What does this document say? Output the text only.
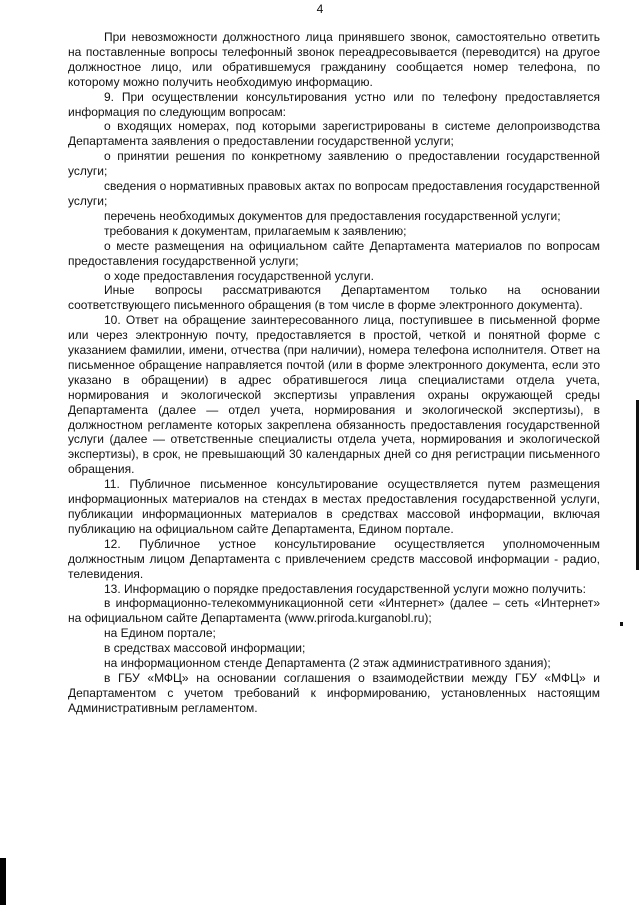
4

При невозможности должностного лица принявшего звонок, самостоятельно ответить на поставленные вопросы телефонный звонок переадресовывается (переводится) на другое должностное лицо, или обратившемуся гражданину сообщается номер телефона, по которому можно получить необходимую информацию.

9. При осуществлении консультирования устно или по телефону предоставляется информация по следующим вопросам:

о входящих номерах, под которыми зарегистрированы в системе делопроизводства Департамента заявления о предоставлении государственной услуги;

о принятии решения по конкретному заявлению о предоставлении государственной услуги;

сведения о нормативных правовых актах по вопросам предоставления государственной услуги;

перечень необходимых документов для предоставления государственной услуги;

требования к документам, прилагаемым к заявлению;

о месте размещения на официальном сайте Департамента материалов по вопросам предоставления государственной услуги;

о ходе предоставления государственной услуги.

Иные вопросы рассматриваются Департаментом только на основании соответствующего письменного обращения (в том числе в форме электронного документа).

10. Ответ на обращение заинтересованного лица, поступившее в письменной форме или через электронную почту, предоставляется в простой, четкой и понятной форме с указанием фамилии, имени, отчества (при наличии), номера телефона исполнителя. Ответ на письменное обращение направляется почтой (или в форме электронного документа, если это указано в обращении) в адрес обратившегося лица специалистами отдела учета, нормирования и экологической экспертизы управления охраны окружающей среды Департамента (далее — отдел учета, нормирования и экологической экспертизы), в должностном регламенте которых закреплена обязанность предоставления государственной услуги (далее — ответственные специалисты отдела учета, нормирования и экологической экспертизы), в срок, не превышающий 30 календарных дней со дня регистрации письменного обращения.

11. Публичное письменное консультирование осуществляется путем размещения информационных материалов на стендах в местах предоставления государственной услуги, публикации информационных материалов в средствах массовой информации, включая публикацию на официальном сайте Департамента, Едином портале.

12. Публичное устное консультирование осуществляется уполномоченным должностным лицом Департамента с привлечением средств массовой информации - радио, телевидения.

13. Информацию о порядке предоставления государственной услуги можно получить:

в информационно-телекоммуникационной сети «Интернет» (далее – сеть «Интернет» на официальном сайте Департамента (www.priroda.kurganobl.ru);

на Едином портале;

в средствах массовой информации;

на информационном стенде Департамента (2 этаж административного здания);

в ГБУ «МФЦ» на основании соглашения о взаимодействии между ГБУ «МФЦ» и Департаментом с учетом требований к информированию, установленных настоящим Административным регламентом.
